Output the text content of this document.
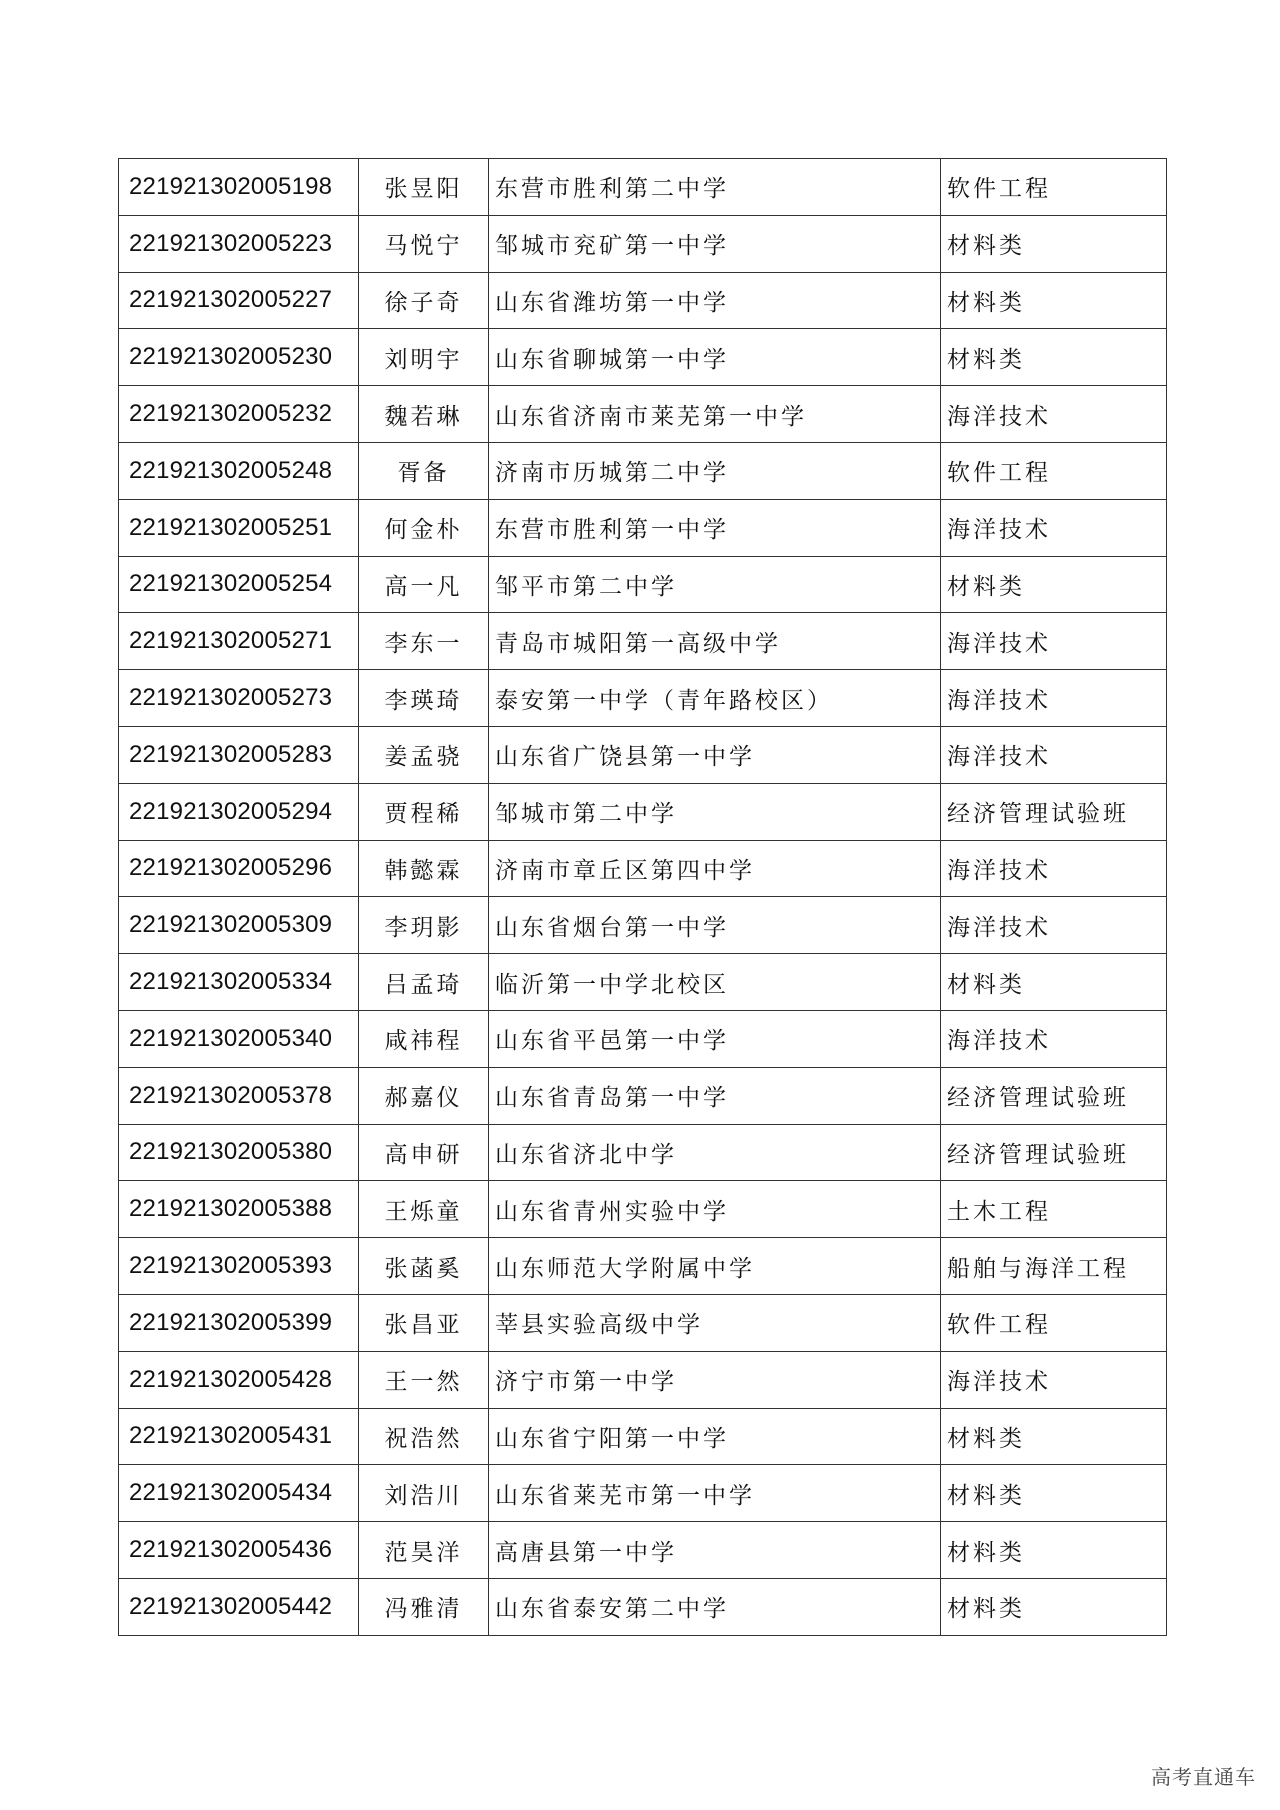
221921302005198	张昱阳	东营市胜利第二中学	软件工程
221921302005223	马悦宁	邹城市兖矿第一中学	材料类
221921302005227	徐子奇	山东省潍坊第一中学	材料类
221921302005230	刘明宇	山东省聊城第一中学	材料类
221921302005232	魏若琳	山东省济南市莱芜第一中学	海洋技术
221921302005248	胥备	济南市历城第二中学	软件工程
221921302005251	何金朴	东营市胜利第一中学	海洋技术
221921302005254	高一凡	邹平市第二中学	材料类
221921302005271	李东一	青岛市城阳第一高级中学	海洋技术
221921302005273	李瑛琦	泰安第一中学（青年路校区）	海洋技术
221921302005283	姜孟骁	山东省广饶县第一中学	海洋技术
221921302005294	贾程稀	邹城市第二中学	经济管理试验班
221921302005296	韩懿霖	济南市章丘区第四中学	海洋技术
221921302005309	李玥影	山东省烟台第一中学	海洋技术
221921302005334	吕孟琦	临沂第一中学北校区	材料类
221921302005340	咸祎程	山东省平邑第一中学	海洋技术
221921302005378	郝嘉仪	山东省青岛第一中学	经济管理试验班
221921302005380	高申研	山东省济北中学	经济管理试验班
221921302005388	王烁童	山东省青州实验中学	土木工程
221921302005393	张菡奚	山东师范大学附属中学	船舶与海洋工程
221921302005399	张昌亚	莘县实验高级中学	软件工程
221921302005428	王一然	济宁市第一中学	海洋技术
221921302005431	祝浩然	山东省宁阳第一中学	材料类
221921302005434	刘浩川	山东省莱芜市第一中学	材料类
221921302005436	范昊洋	高唐县第一中学	材料类
221921302005442	冯雅清	山东省泰安第二中学	材料类
高考直通车
